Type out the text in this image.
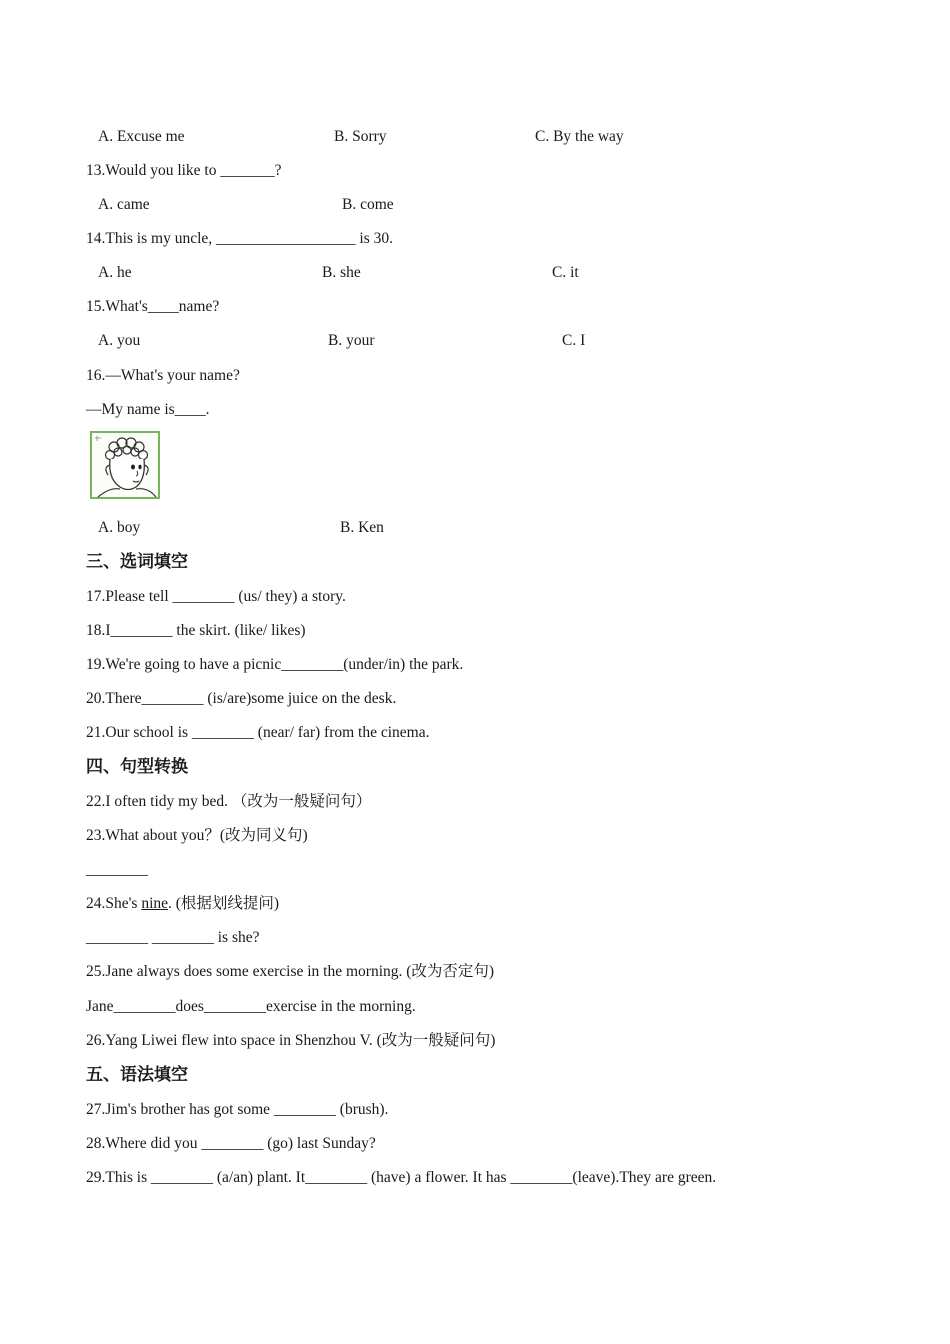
A. Excuse me	B. Sorry	C. By the way
13.Would you like to _______?
A. came	B. come
14.This is my uncle, __________________ is 30.
A. he	B. she	C. it
15.What's____name?
A. you	B. your	C. I
16.—What's your name?
—My name is____.
A. boy	B. Ken
三、选词填空
17.Please tell ________ (us/ they) a story.
18.I________ the skirt. (like/ likes)
19.We're going to have a picnic________(under/in) the park.
20.There________ (is/are)some juice on the desk.
21.Our school is ________ (near/ far) from the cinema.
四、句型转换
22.I often tidy my bed. （改为一般疑问句）
23.What about you？(改为同义句)
________
24.She's nine. (根据划线提问)
________ ________ is she?
25.Jane always does some exercise in the morning. (改为否定句)
Jane________does________exercise in the morning.
26.Yang Liwei flew into space in Shenzhou V. (改为一般疑问句)
五、语法填空
27.Jim's brother has got some ________ (brush).
28.Where did you ________ (go) last Sunday?
29.This is ________ (a/an) plant. It________ (have) a flower. It has ________(leave).They are green.
